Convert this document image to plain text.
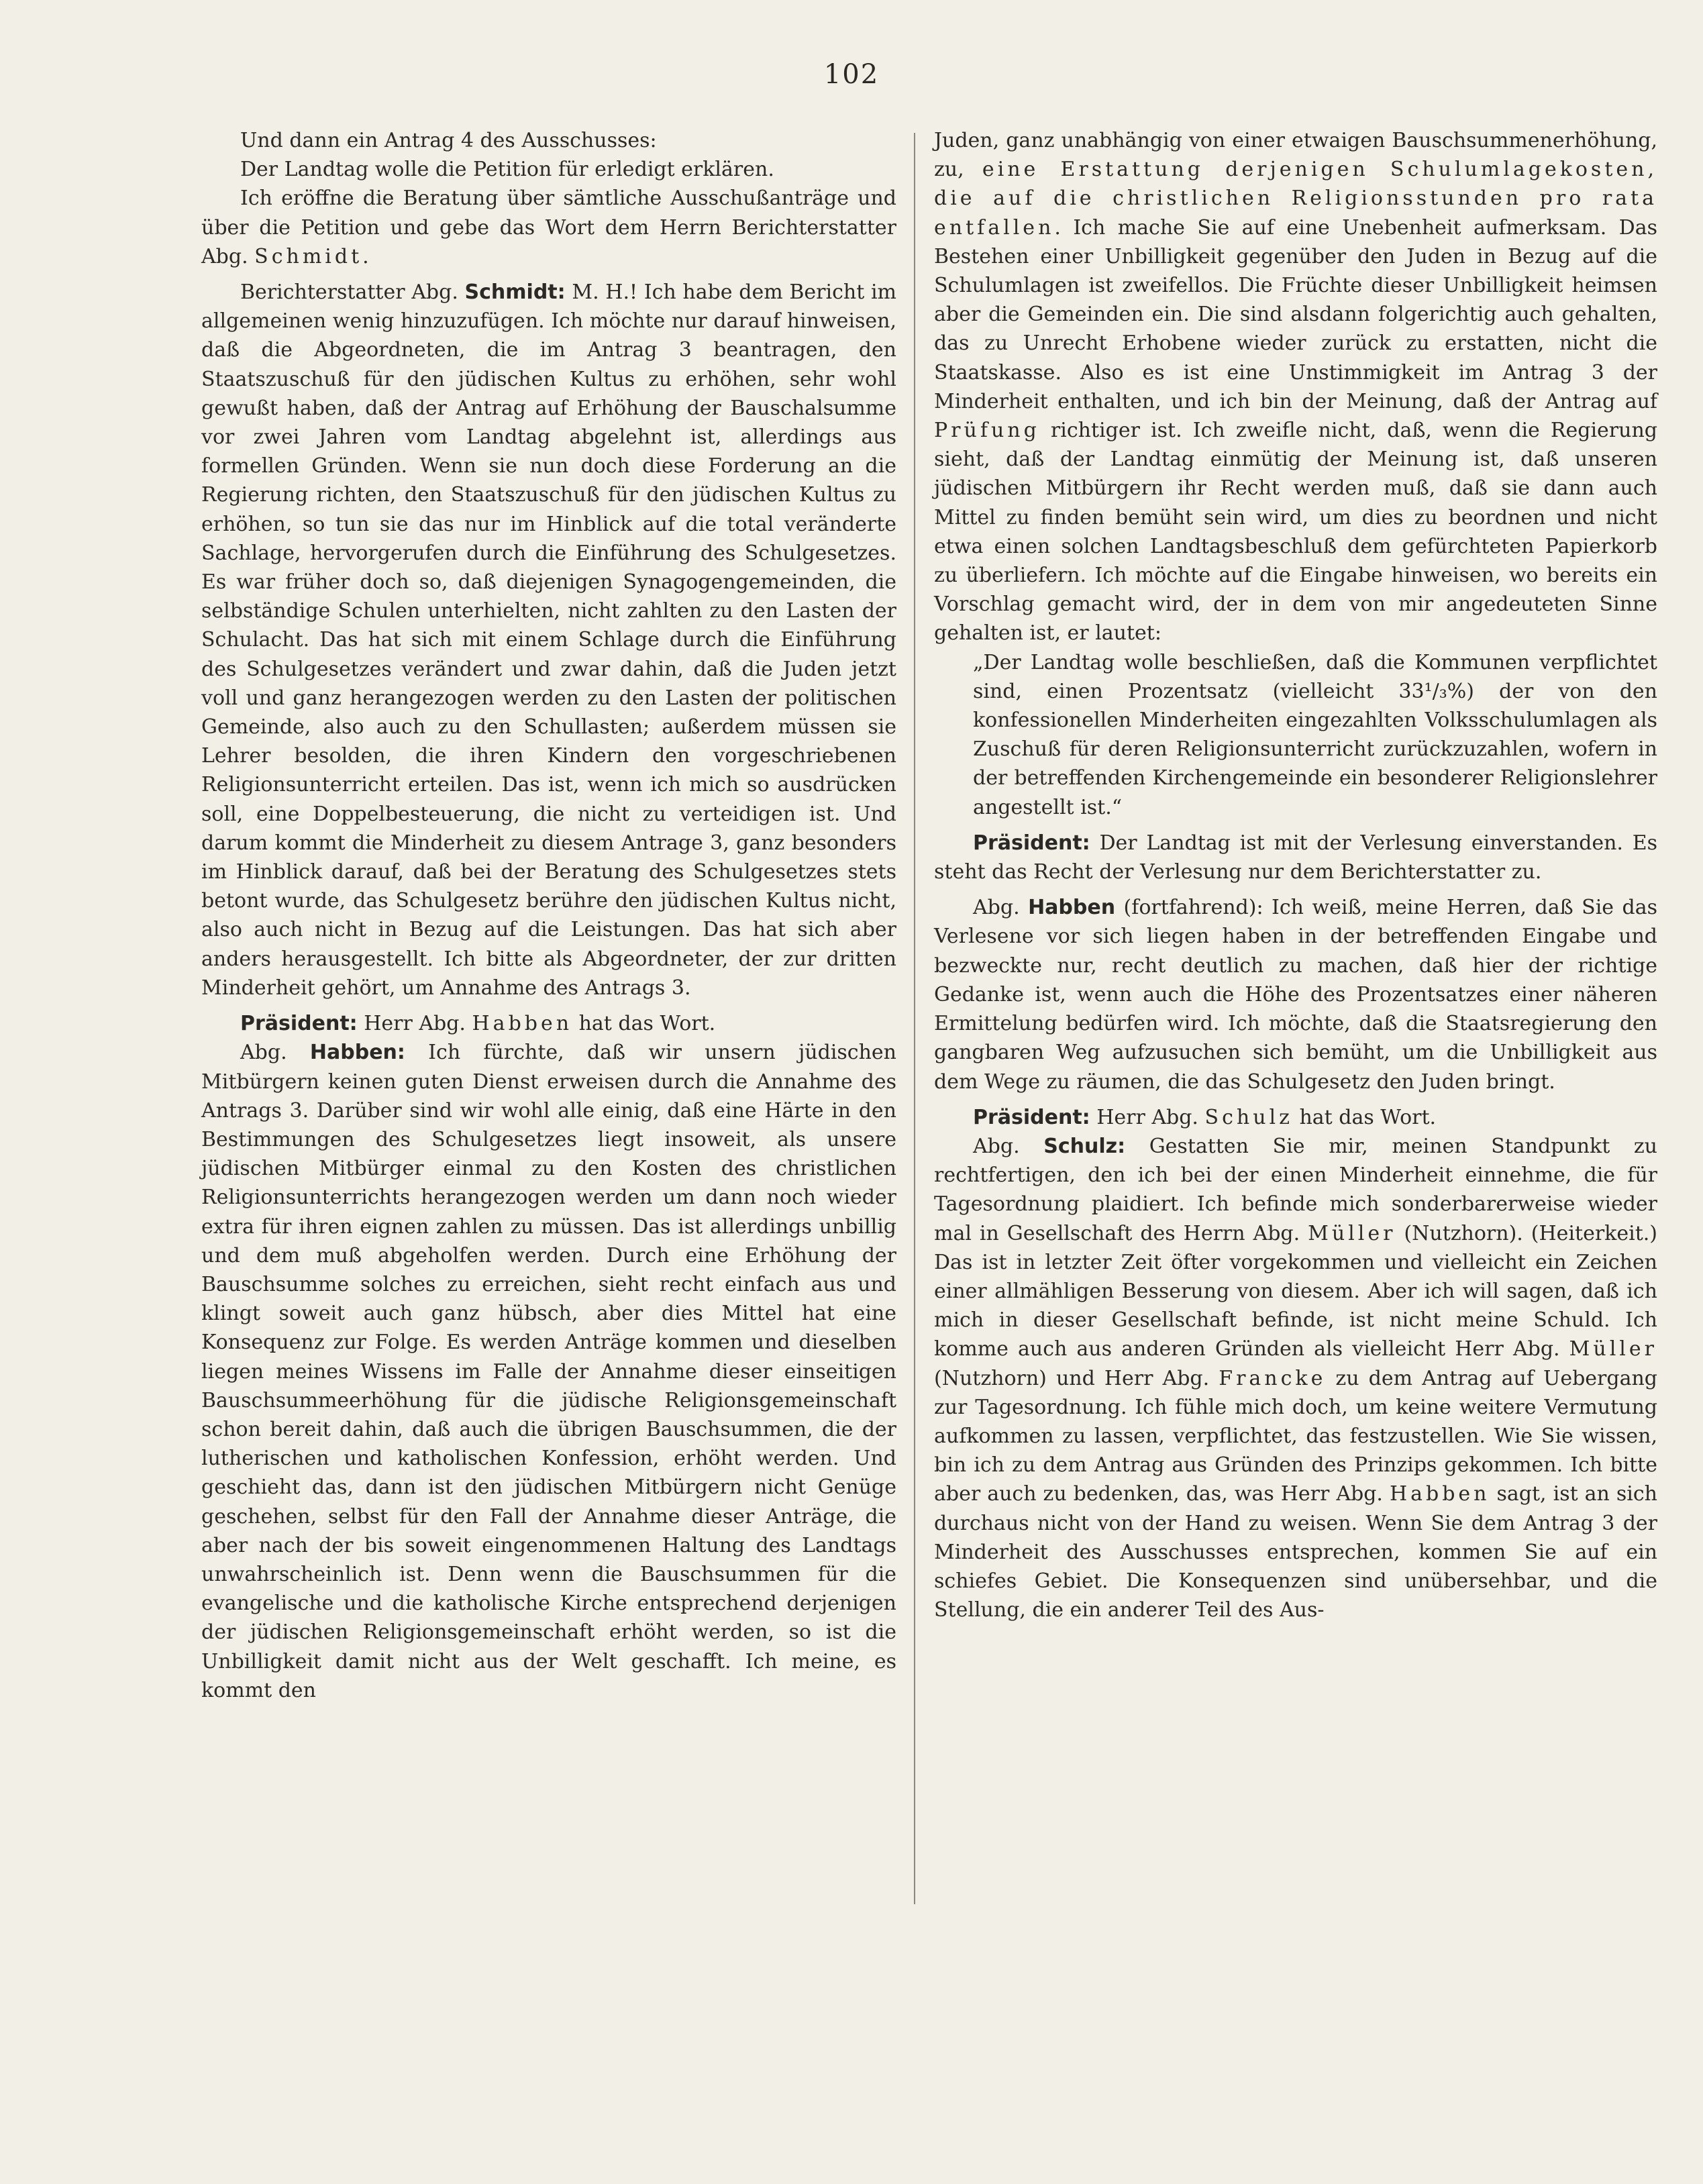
102

Und dann ein Antrag 4 des Ausschusses:

Der Landtag wolle die Petition für erledigt erklären.

Ich eröffne die Beratung über sämtliche Ausschußanträge und über die Petition und gebe das Wort dem Herrn Berichterstatter Abg. Schmidt.

Berichterstatter Abg. Schmidt: M. H.! Ich habe dem Bericht im allgemeinen wenig hinzuzufügen. Ich möchte nur darauf hinweisen, daß die Abgeordneten, die im Antrag 3 beantragen, den Staatszuschuß für den jüdischen Kultus zu erhöhen, sehr wohl gewußt haben, daß der Antrag auf Erhöhung der Bauschalsumme vor zwei Jahren vom Landtag abgelehnt ist, allerdings aus formellen Gründen. Wenn sie nun doch diese Forderung an die Regierung richten, den Staatszuschuß für den jüdischen Kultus zu erhöhen, so tun sie das nur im Hinblick auf die total veränderte Sachlage, hervorgerufen durch die Einführung des Schulgesetzes. Es war früher doch so, daß diejenigen Synagogengemeinden, die selbständige Schulen unterhielten, nicht zahlten zu den Lasten der Schulacht. Das hat sich mit einem Schlage durch die Einführung des Schulgesetzes verändert und zwar dahin, daß die Juden jetzt voll und ganz herangezogen werden zu den Lasten der politischen Gemeinde, also auch zu den Schullasten; außerdem müssen sie Lehrer besolden, die ihren Kindern den vorgeschriebenen Religionsunterricht erteilen. Das ist, wenn ich mich so ausdrücken soll, eine Doppelbesteuerung, die nicht zu verteidigen ist. Und darum kommt die Minderheit zu diesem Antrage 3, ganz besonders im Hinblick darauf, daß bei der Beratung des Schulgesetzes stets betont wurde, das Schulgesetz berühre den jüdischen Kultus nicht, also auch nicht in Bezug auf die Leistungen. Das hat sich aber anders herausgestellt. Ich bitte als Abgeordneter, der zur dritten Minderheit gehört, um Annahme des Antrags 3.

Präsident: Herr Abg. Habben hat das Wort.

Abg. Habben: Ich fürchte, daß wir unsern jüdischen Mitbürgern keinen guten Dienst erweisen durch die Annahme des Antrags 3. Darüber sind wir wohl alle einig, daß eine Härte in den Bestimmungen des Schulgesetzes liegt insoweit, als unsere jüdischen Mitbürger einmal zu den Kosten des christlichen Religionsunterrichts herangezogen werden um dann noch wieder extra für ihren eignen zahlen zu müssen. Das ist allerdings unbillig und dem muß abgeholfen werden. Durch eine Erhöhung der Bauschsumme solches zu erreichen, sieht recht einfach aus und klingt soweit auch ganz hübsch, aber dies Mittel hat eine Konsequenz zur Folge. Es werden Anträge kommen und dieselben liegen meines Wissens im Falle der Annahme dieser einseitigen Bauschsummeerhöhung für die jüdische Religionsgemeinschaft schon bereit dahin, daß auch die übrigen Bauschsummen, die der lutherischen und katholischen Konfession, erhöht werden. Und geschieht das, dann ist den jüdischen Mitbürgern nicht Genüge geschehen, selbst für den Fall der Annahme dieser Anträge, die aber nach der bis soweit eingenommenen Haltung des Landtags unwahrscheinlich ist. Denn wenn die Bauschsummen für die evangelische und die katholische Kirche entsprechend derjenigen der jüdischen Religionsgemeinschaft erhöht werden, so ist die Unbilligkeit damit nicht aus der Welt geschafft. Ich meine, es kommt den

Juden, ganz unabhängig von einer etwaigen Bauschsummenerhöhung, zu, eine Erstattung derjenigen Schulumlagekosten, die auf die christlichen Religionsstunden pro rata entfallen. Ich mache Sie auf eine Unebenheit aufmerksam. Das Bestehen einer Unbilligkeit gegenüber den Juden in Bezug auf die Schulumlagen ist zweifellos. Die Früchte dieser Unbilligkeit heimsen aber die Gemeinden ein. Die sind alsdann folgerichtig auch gehalten, das zu Unrecht Erhobene wieder zurück zu erstatten, nicht die Staatskasse. Also es ist eine Unstimmigkeit im Antrag 3 der Minderheit enthalten, und ich bin der Meinung, daß der Antrag auf Prüfung richtiger ist. Ich zweifle nicht, daß, wenn die Regierung sieht, daß der Landtag einmütig der Meinung ist, daß unseren jüdischen Mitbürgern ihr Recht werden muß, daß sie dann auch Mittel zu finden bemüht sein wird, um dies zu beordnen und nicht etwa einen solchen Landtagsbeschluß dem gefürchteten Papierkorb zu überliefern. Ich möchte auf die Eingabe hinweisen, wo bereits ein Vorschlag gemacht wird, der in dem von mir angedeuteten Sinne gehalten ist, er lautet:

„Der Landtag wolle beschließen, daß die Kommunen verpflichtet sind, einen Prozentsatz (vielleicht 33¹/₃%) der von den konfessionellen Minderheiten eingezahlten Volksschulumlagen als Zuschuß für deren Religionsunterricht zurückzuzahlen, wofern in der betreffenden Kirchengemeinde ein besonderer Religionslehrer angestellt ist.“

Präsident: Der Landtag ist mit der Verlesung einverstanden. Es steht das Recht der Verlesung nur dem Berichterstatter zu.

Abg. Habben (fortfahrend): Ich weiß, meine Herren, daß Sie das Verlesene vor sich liegen haben in der betreffenden Eingabe und bezweckte nur, recht deutlich zu machen, daß hier der richtige Gedanke ist, wenn auch die Höhe des Prozentsatzes einer näheren Ermittelung bedürfen wird. Ich möchte, daß die Staatsregierung den gangbaren Weg aufzusuchen sich bemüht, um die Unbilligkeit aus dem Wege zu räumen, die das Schulgesetz den Juden bringt.

Präsident: Herr Abg. Schulz hat das Wort.

Abg. Schulz: Gestatten Sie mir, meinen Standpunkt zu rechtfertigen, den ich bei der einen Minderheit einnehme, die für Tagesordnung plaidiert. Ich befinde mich sonderbarerweise wieder mal in Gesellschaft des Herrn Abg. Müller (Nutzhorn). (Heiterkeit.) Das ist in letzter Zeit öfter vorgekommen und vielleicht ein Zeichen einer allmähligen Besserung von diesem. Aber ich will sagen, daß ich mich in dieser Gesellschaft befinde, ist nicht meine Schuld. Ich komme auch aus anderen Gründen als vielleicht Herr Abg. Müller (Nutzhorn) und Herr Abg. Francke zu dem Antrag auf Uebergang zur Tagesordnung. Ich fühle mich doch, um keine weitere Vermutung aufkommen zu lassen, verpflichtet, das festzustellen. Wie Sie wissen, bin ich zu dem Antrag aus Gründen des Prinzips gekommen. Ich bitte aber auch zu bedenken, das, was Herr Abg. Habben sagt, ist an sich durchaus nicht von der Hand zu weisen. Wenn Sie dem Antrag 3 der Minderheit des Ausschusses entsprechen, kommen Sie auf ein schiefes Gebiet. Die Konsequenzen sind unübersehbar, und die Stellung, die ein anderer Teil des Aus-
